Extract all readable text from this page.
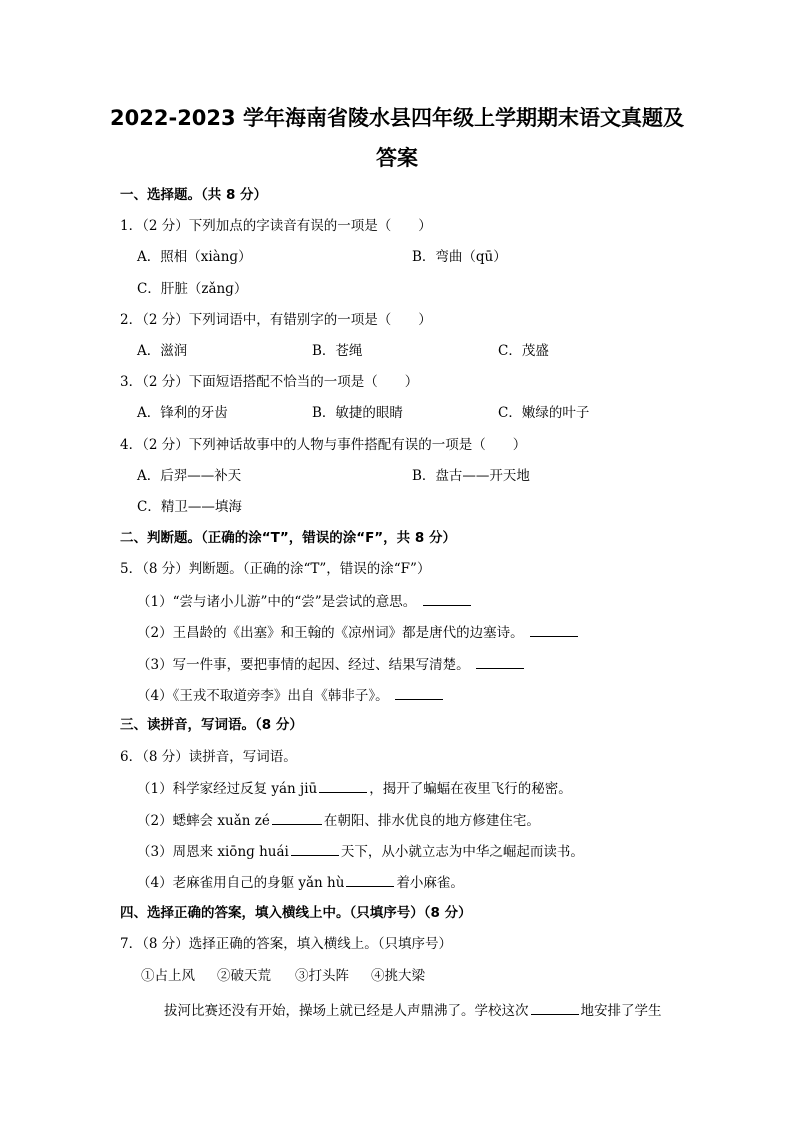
2022-2023 学年海南省陵水县四年级上学期期末语文真题及
答案
一、选择题。（共 8 分）
1．（2 分）下列加点的字读音有误的一项是（　　）
A．照相（xiànɡ）	B．弯曲（qū）
C．肝脏（zǎnɡ）
2．（2 分）下列词语中，有错别字的一项是（　　）
A．滋润	B．苍绳	C．茂盛
3．（2 分）下面短语搭配不恰当的一项是（　　）
A．锋利的牙齿	B．敏捷的眼睛	C．嫩绿的叶子
4．（2 分）下列神话故事中的人物与事件搭配有误的一项是（　　）
A．后羿——补天	B．盘古——开天地
C．精卫——填海
二、判断题。（正确的涂“T”，错误的涂“F”，共 8 分）
5．（8 分）判断题。（正确的涂“T”，错误的涂“F”）
（1）“尝与诸小儿游”中的“尝”是尝试的意思。
（2）王昌龄的《出塞》和王翰的《凉州词》都是唐代的边塞诗。
（3）写一件事，要把事情的起因、经过、结果写清楚。
（4）《王戎不取道旁李》出自《韩非子》。
三、读拼音，写词语。（8 分）
6．（8 分）读拼音，写词语。
（1）科学家经过反复 yán jiū	，揭开了蝙蝠在夜里飞行的秘密。
（2）蟋蟀会 xuǎn zé	在朝阳、排水优良的地方修建住宅。
（3）周恩来 xiōnɡ huái	天下，从小就立志为中华之崛起而读书。
（4）老麻雀用自己的身躯 yǎn hù	着小麻雀。
四、选择正确的答案，填入横线上中。（只填序号）（8 分）
7．（8 分）选择正确的答案，填入横线上。（只填序号）
①占上风 ②破天荒 ③打头阵 ④挑大梁
拔河比赛还没有开始，操场上就已经是人声鼎沸了。学校这次	地安排了学生
